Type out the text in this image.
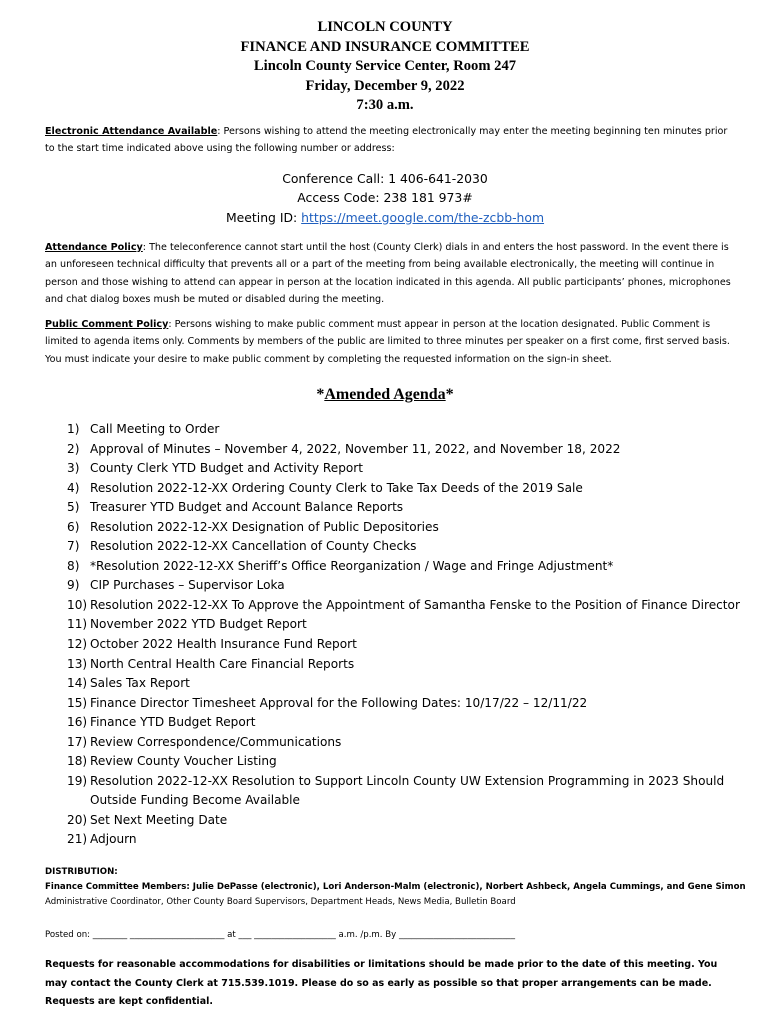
LINCOLN COUNTY
FINANCE AND INSURANCE COMMITTEE
Lincoln County Service Center, Room 247
Friday, December 9, 2022
7:30 a.m.
Electronic Attendance Available: Persons wishing to attend the meeting electronically may enter the meeting beginning ten minutes prior to the start time indicated above using the following number or address:
Conference Call: 1 406-641-2030
Access Code: 238 181 973#
Meeting ID: https://meet.google.com/the-zcbb-hom
Attendance Policy: The teleconference cannot start until the host (County Clerk) dials in and enters the host password. In the event there is an unforeseen technical difficulty that prevents all or a part of the meeting from being available electronically, the meeting will continue in person and those wishing to attend can appear in person at the location indicated in this agenda. All public participants’ phones, microphones and chat dialog boxes mush be muted or disabled during the meeting.
Public Comment Policy: Persons wishing to make public comment must appear in person at the location designated. Public Comment is limited to agenda items only. Comments by members of the public are limited to three minutes per speaker on a first come, first served basis. You must indicate your desire to make public comment by completing the requested information on the sign-in sheet.
*Amended Agenda*
1) Call Meeting to Order
2) Approval of Minutes – November 4, 2022, November 11, 2022, and November 18, 2022
3) County Clerk YTD Budget and Activity Report
4) Resolution 2022-12-XX Ordering County Clerk to Take Tax Deeds of the 2019 Sale
5) Treasurer YTD Budget and Account Balance Reports
6) Resolution 2022-12-XX Designation of Public Depositories
7) Resolution 2022-12-XX Cancellation of County Checks
8) *Resolution 2022-12-XX Sheriff’s Office Reorganization / Wage and Fringe Adjustment*
9) CIP Purchases – Supervisor Loka
10) Resolution 2022-12-XX To Approve the Appointment of Samantha Fenske to the Position of Finance Director
11) November 2022 YTD Budget Report
12) October 2022 Health Insurance Fund Report
13) North Central Health Care Financial Reports
14) Sales Tax Report
15) Finance Director Timesheet Approval for the Following Dates: 10/17/22 – 12/11/22
16) Finance YTD Budget Report
17) Review Correspondence/Communications
18) Review County Voucher Listing
19) Resolution 2022-12-XX Resolution to Support Lincoln County UW Extension Programming in 2023 Should
Outside Funding Become Available
20) Set Next Meeting Date
21) Adjourn
DISTRIBUTION:
Finance Committee Members: Julie DePasse (electronic), Lori Anderson-Malm (electronic), Norbert Ashbeck, Angela Cummings, and Gene Simon
Administrative Coordinator, Other County Board Supervisors, Department Heads, News Media, Bulletin Board
Posted on: ________ ______________________ at ___ ___________________ a.m. /p.m. By ___________________________
Requests for reasonable accommodations for disabilities or limitations should be made prior to the date of this meeting. You may contact the County Clerk at 715.539.1019. Please do so as early as possible so that proper arrangements can be made. Requests are kept confidential.
